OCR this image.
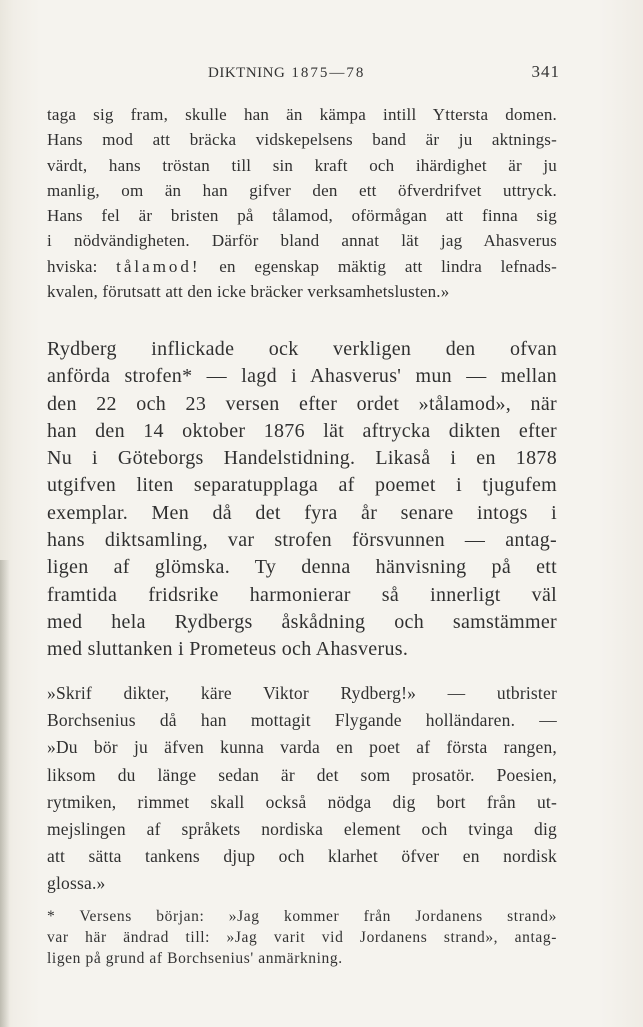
DIKTNING 1875—78	341
taga sig fram, skulle han än kämpa intill Yttersta domen.
Hans mod att bräcka vidskepelsens band är ju aktnings-
värdt, hans tröstan till sin kraft och ihärdighet är ju
manlig, om än han gifver den ett öfverdrifvet uttryck.
Hans fel är bristen på tålamod, oförmågan att finna sig
i nödvändigheten. Därför bland annat lät jag Ahasverus
hviska: tålamod! en egenskap mäktig att lindra lefnads-
kvalen, förutsatt att den icke bräcker verksamhetslusten.»
Rydberg inflickade ock verkligen den ofvan
anförda strofen* — lagd i Ahasverus' mun — mellan
den 22 och 23 versen efter ordet »tålamod», när
han den 14 oktober 1876 lät aftrycka dikten efter
Nu i Göteborgs Handelstidning. Likaså i en 1878
utgifven liten separatupplaga af poemet i tjugufem
exemplar. Men då det fyra år senare intogs i
hans diktsamling, var strofen försvunnen — antag-
ligen af glömska. Ty denna hänvisning på ett
framtida fridsrike harmonierar så innerligt väl
med hela Rydbergs åskådning och samstämmer
med sluttanken i Prometeus och Ahasverus.
»Skrif dikter, käre Viktor Rydberg!» — utbrister
Borchsenius då han mottagit Flygande holländaren. —
»Du bör ju äfven kunna varda en poet af första rangen,
liksom du länge sedan är det som prosatör. Poesien,
rytmiken, rimmet skall också nödga dig bort från ut-
mejslingen af språkets nordiska element och tvinga dig
att sätta tankens djup och klarhet öfver en nordisk
glossa.»
* Versens början: »Jag kommer från Jordanens strand»
var här ändrad till: »Jag varit vid Jordanens strand», antag-
ligen på grund af Borchsenius' anmärkning.
